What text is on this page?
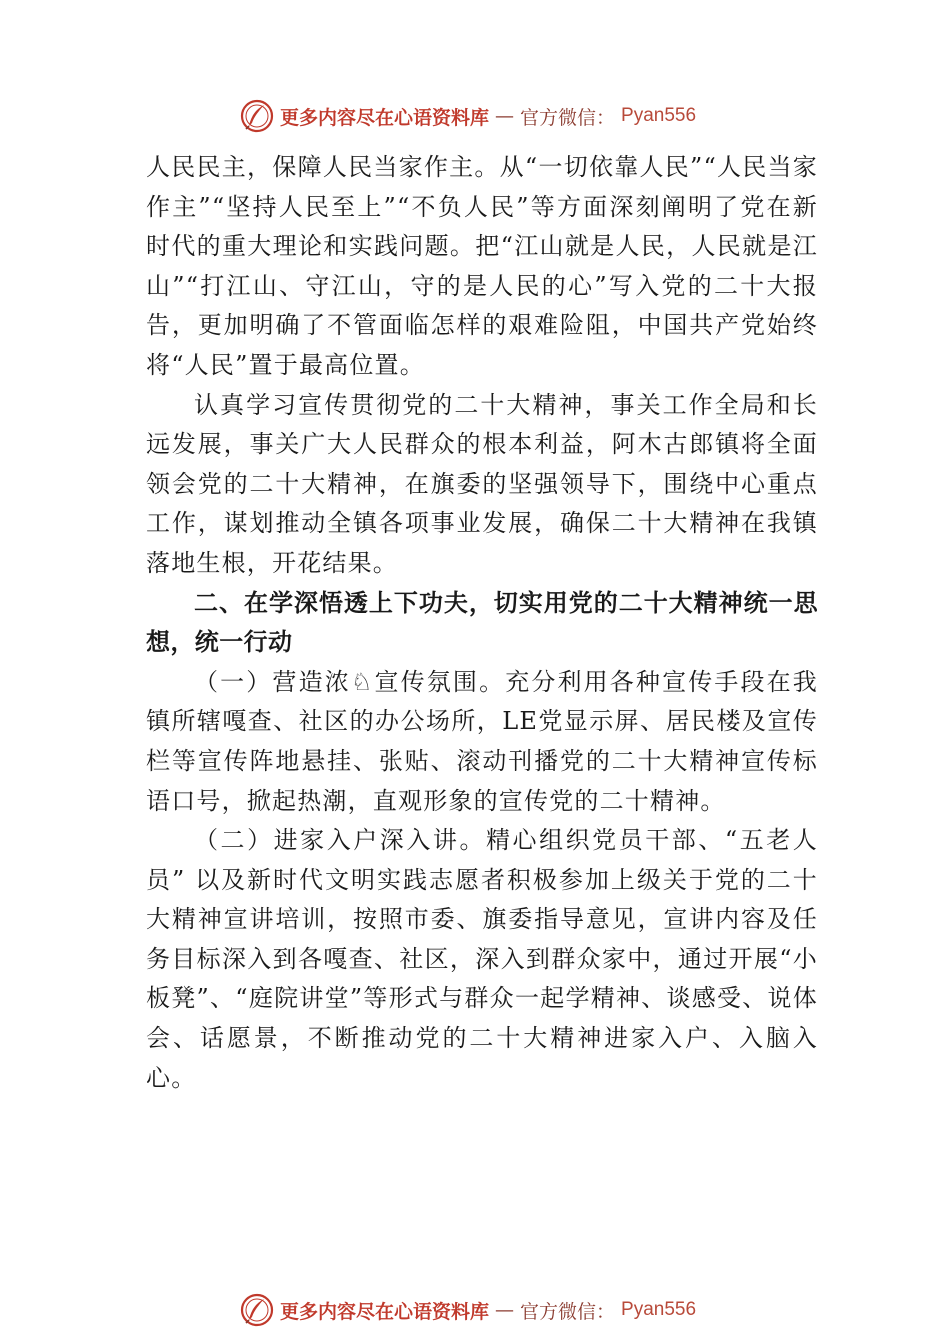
更多内容尽在心语资料库 — 官方微信： Pyan556

人民民主，保障人民当家作主。从“一切依靠人民”“人民当家作主”“坚持人民至上”“不负人民”等方面深刻阐明了党在新时代的重大理论和实践问题。把“江山就是人民，人民就是江山”“打江山、守江山，守的是人民的心”写入党的二十大报告，更加明确了不管面临怎样的艰难险阻，中国共产党始终将“人民”置于最高位置。

认真学习宣传贯彻党的二十大精神，事关工作全局和长远发展，事关广大人民群众的根本利益，阿木古郎镇将全面领会党的二十大精神，在旗委的坚强领导下，围绕中心重点工作，谋划推动全镇各项事业发展，确保二十大精神在我镇落地生根，开花结果。

二、在学深悟透上下功夫，切实用党的二十大精神统一思想，统一行动

（一）营造浓♘宣传氛围。充分利用各种宣传手段在我镇所辖嘎查、社区的办公场所，LE党显示屏、居民楼及宣传栏等宣传阵地悬挂、张贴、滚动刊播党的二十大精神宣传标语口号，掀起热潮，直观形象的宣传党的二十精神。

（二）进家入户深入讲。精心组织党员干部、“五老人员” 以及新时代文明实践志愿者积极参加上级关于党的二十大精神宣讲培训，按照市委、旗委指导意见，宣讲内容及任务目标深入到各嘎查、社区，深入到群众家中，通过开展“小板凳”、“庭院讲堂”等形式与群众一起学精神、谈感受、说体会、话愿景，不断推动党的二十大精神进家入户、入脑入心。

更多内容尽在心语资料库 — 官方微信： Pyan556
